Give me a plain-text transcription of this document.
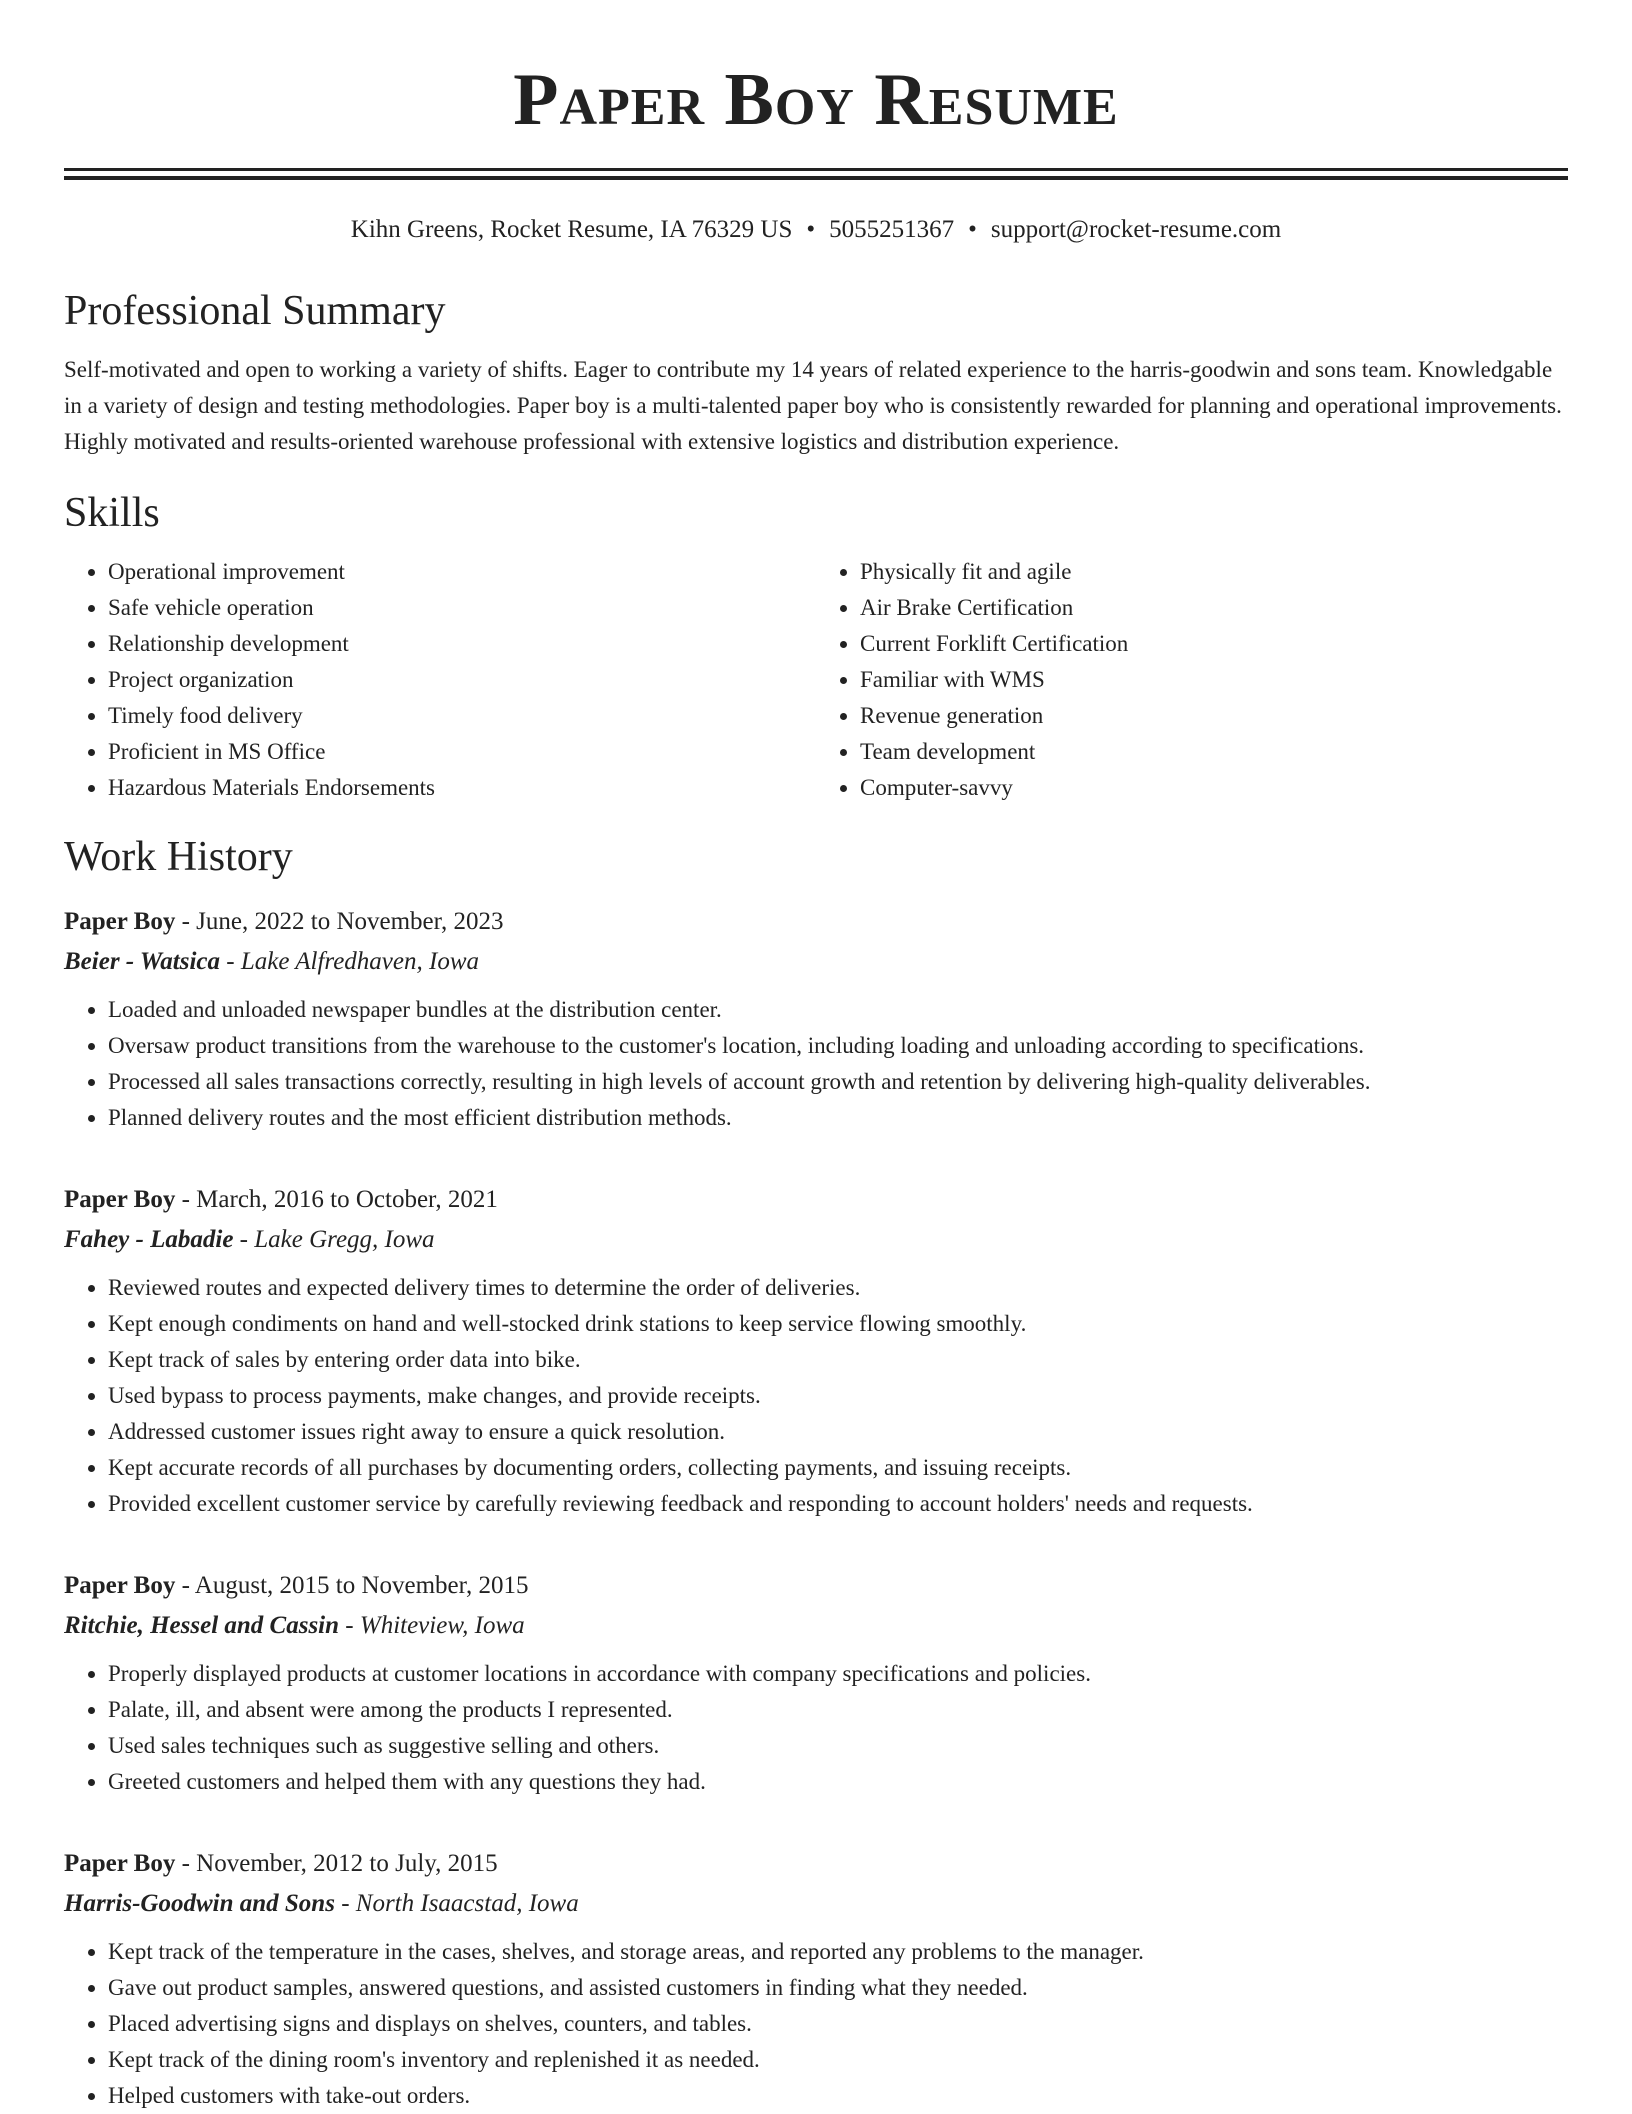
Paper Boy Resume
Kihn Greens, Rocket Resume, IA 76329 US • 5055251367 • support@rocket-resume.com
Professional Summary

Self-motivated and open to working a variety of shifts. Eager to contribute my 14 years of related experience to the harris-goodwin and sons team. Knowledgable in a variety of design and testing methodologies. Paper boy is a multi-talented paper boy who is consistently rewarded for planning and operational improvements. Highly motivated and results-oriented warehouse professional with extensive logistics and distribution experience.

Skills
• Operational improvement
• Safe vehicle operation
• Relationship development
• Project organization
• Timely food delivery
• Proficient in MS Office
• Hazardous Materials Endorsements
• Physically fit and agile
• Air Brake Certification
• Current Forklift Certification
• Familiar with WMS
• Revenue generation
• Team development
• Computer-savvy
Work History
Paper Boy - June, 2022 to November, 2023
Beier - Watsica - Lake Alfredhaven, Iowa
• Loaded and unloaded newspaper bundles at the distribution center.
• Oversaw product transitions from the warehouse to the customer's location, including loading and unloading according to specifications.
• Processed all sales transactions correctly, resulting in high levels of account growth and retention by delivering high-quality deliverables.
• Planned delivery routes and the most efficient distribution methods.
Paper Boy - March, 2016 to October, 2021
Fahey - Labadie - Lake Gregg, Iowa
• Reviewed routes and expected delivery times to determine the order of deliveries.
• Kept enough condiments on hand and well-stocked drink stations to keep service flowing smoothly.
• Kept track of sales by entering order data into bike.
• Used bypass to process payments, make changes, and provide receipts.
• Addressed customer issues right away to ensure a quick resolution.
• Kept accurate records of all purchases by documenting orders, collecting payments, and issuing receipts.
• Provided excellent customer service by carefully reviewing feedback and responding to account holders' needs and requests.
Paper Boy - August, 2015 to November, 2015
Ritchie, Hessel and Cassin - Whiteview, Iowa
• Properly displayed products at customer locations in accordance with company specifications and policies.
• Palate, ill, and absent were among the products I represented.
• Used sales techniques such as suggestive selling and others.
• Greeted customers and helped them with any questions they had.
Paper Boy - November, 2012 to July, 2015
Harris-Goodwin and Sons - North Isaacstad, Iowa
• Kept track of the temperature in the cases, shelves, and storage areas, and reported any problems to the manager.
• Gave out product samples, answered questions, and assisted customers in finding what they needed.
• Placed advertising signs and displays on shelves, counters, and tables.
• Kept track of the dining room's inventory and replenished it as needed.
• Helped customers with take-out orders.
